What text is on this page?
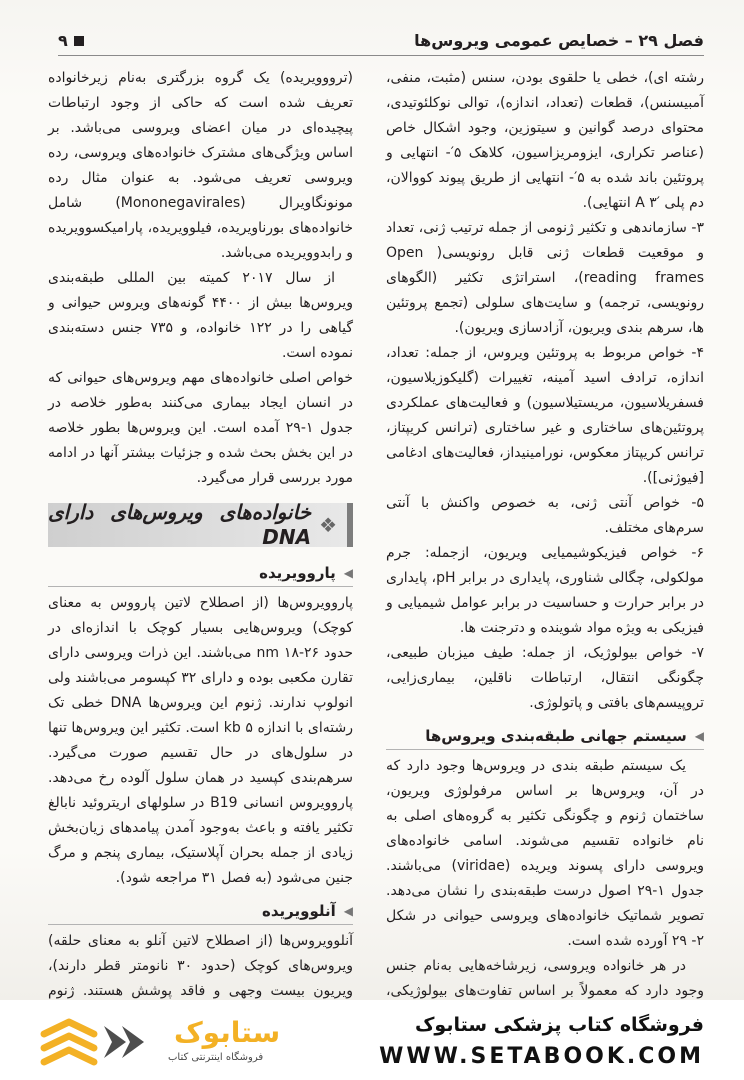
فصل ۲۹ – خصایص عمومی ویروس‌ها
۹

رشته ای)، خطی یا حلقوی بودن، سنس (مثبت، منفی، آمبیسنس)، قطعات (تعداد، اندازه)، توالی نوکلئوتیدی، محتوای درصد گوانین و سیتوزین، وجود اشکال خاص (عناصر تکراری، ایزومریزاسیون، کلاهک ۵′- انتهایی و پروتئین باند شده به ۵′- انتهایی از طریق پیوند کووالان، دم پلی A ۳′ انتهایی).

۳- سازماندهی و تکثیر ژنومی از جمله ترتیب ژنی، تعداد و موقعیت قطعات ژنی قابل رونویسی( Open reading frames)، استراتژی تکثیر (الگوهای رونویسی، ترجمه) و سایت‌های سلولی (تجمع پروتئین ها، سرهم بندی ویریون، آزادسازی ویریون).

۴- خواص مربوط به پروتئین ویروس، از جمله: تعداد، اندازه، ترادف اسید آمینه، تغییرات (گلیکوزیلاسیون، فسفریلاسیون، مریستیلاسیون) و فعالیت‌های عملکردی پروتئین‌های ساختاری و غیر ساختاری (ترانس کریپتاز، ترانس کریپتاز معکوس، نورامینیداز، فعالیت‌های ادغامی [فیوژنی]).

۵- خواص آنتی ژنی، به خصوص واکنش با آنتی سرم‌های مختلف.

۶- خواص فیزیکوشیمیایی ویریون، ازجمله: جرم مولکولی، چگالی شناوری، پایداری در برابر pH، پایداری در برابر حرارت و حساسیت در برابر عوامل شیمیایی و فیزیکی به ویژه مواد شوینده و دترجنت ها.

۷- خواص بیولوژیک، از جمله: طیف میزبان طبیعی، چگونگی انتقال، ارتباطات ناقلین، بیماری‌زایی، تروپیسم‌های بافتی و پاتولوژی.

◀
سیستم جهانی طبقه‌بندی ویروس‌ها

یک سیستم طبقه بندی در ویروس‌ها وجود دارد که در آن، ویروس‌ها بر اساس مرفولوژی ویریون، ساختمان ژنوم و چگونگی تکثیر به گروه‌های اصلی به نام خانواده تقسیم می‌شوند. اسامی خانواده‌های ویروسی دارای پسوند ویریده (viridae) می‌باشند. جدول ۱-۲۹ اصول درست طبقه‌بندی را نشان می‌دهد. تصویر شماتیک خانواده‌های ویروسی حیوانی در شکل ۲- ۲۹ آورده شده است.

در هر خانواده ویروسی، زیرشاخه‌هایی به‌نام جنس وجود دارد که معمولاً بر اساس تفاوت‌های بیولوژیکی،

(ترووویریده) یک گروه بزرگتری به‌نام زیرخانواده تعریف شده است که حاکی از وجود ارتباطات پیچیده‌ای در میان اعضای ویروسی می‌باشد. بر اساس ویژگی‌های مشترک خانواده‌های ویروسی، رده ویروسی تعریف می‌شود. به عنوان مثال رده مونونگاویرال (Mononegavirales) شامل خانواده‌های بورناویریده، فیلوویریده، پارامیکسوویریده و رابدوویریده می‌باشد.

از سال ۲۰۱۷ کمیته بین المللی طبقه‌بندی ویروس‌ها بیش از ۴۴۰۰ گونه‌های ویروس حیوانی و گیاهی را در ۱۲۲ خانواده، و ۷۳۵ جنس دسته‌بندی نموده است.

خواص اصلی خانواده‌های مهم ویروس‌های حیوانی که در انسان ایجاد بیماری می‌کنند به‌طور خلاصه در جدول ۱-۲۹ آمده است. این ویروس‌ها بطور خلاصه در این بخش بحث شده و جزئیات بیشتر آنها در ادامه مورد بررسی قرار می‌گیرد.

❖
خانواده‌های ویروس‌های دارای DNA
◀
پاروویریده

پاروویروس‌ها (از اصطلاح لاتین پارووس به معنای کوچک) ویروس‌هایی بسیار کوچک با اندازه‌ای در حدود ۲۶-۱۸ nm می‌باشند. این ذرات ویروسی دارای تقارن مکعبی بوده و دارای ۳۲ کپسومر می‌باشند ولی انولوپ ندارند. ژنوم این ویروس‌ها DNA خطی تک رشته‌ای با اندازه ۵ kb است. تکثیر این ویروس‌ها تنها در سلول‌های در حال تقسیم صورت می‌گیرد. سرهم‌بندی کپسید در همان سلول آلوده رخ می‌دهد. پاروویروس انسانی B19 در سلولهای اریتروئید نابالغ تکثیر یافته و باعث به‌وجود آمدن پیامدهای زیان‌بخش زیادی از جمله بحران آپلاستیک، بیماری پنجم و مرگ جنین می‌شود (به فصل ۳۱ مراجعه شود).

◀
آنلوویریده

آنلوویروس‌ها (از اصطلاح لاتین آنلو به معنای حلقه) ویروس‌های کوچک (حدود ۳۰ نانومتر قطر دارند)، ویریون بیست وجهی و فاقد پوشش هستند. ژنوم

ستابوک
فروشگاه اینترنتی کتاب
فروشگاه کتاب پزشکی ستابوک
WWW.SETABOOK.COM
